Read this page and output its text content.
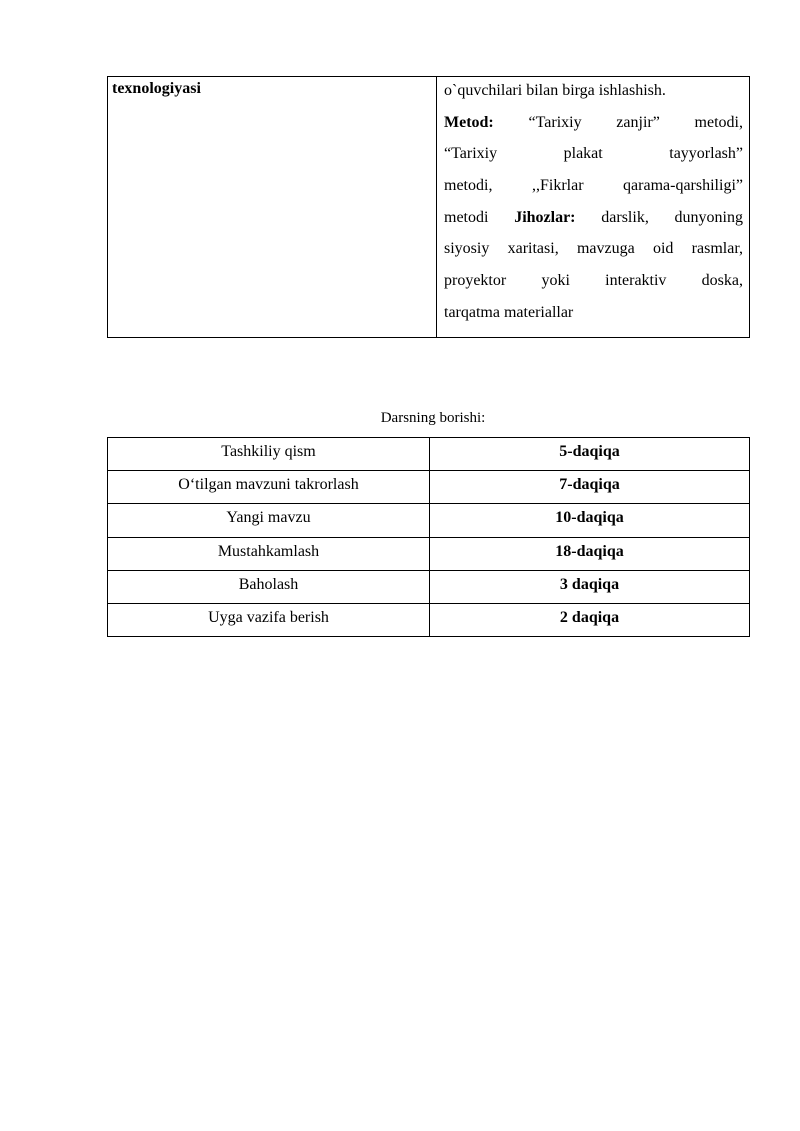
texnologiyasi	o`quvchilari bilan birga ishlashish.
Metod: “Tarixiy zanjir” metodi,
“Tarixiy plakat tayyorlash”
metodi, ,,Fikrlar qarama-qarshiligi”
metodi Jihozlar: darslik, dunyoning
siyosiy xaritasi, mavzuga oid rasmlar,
proyektor yoki interaktiv doska,
tarqatma materiallar
Darsning borishi:
Tashkiliy qism	5-daqiqa
O‘tilgan mavzuni takrorlash	7-daqiqa
Yangi mavzu	10-daqiqa
Mustahkamlash	18-daqiqa
Baholash	3 daqiqa
Uyga vazifa berish	2 daqiqa
